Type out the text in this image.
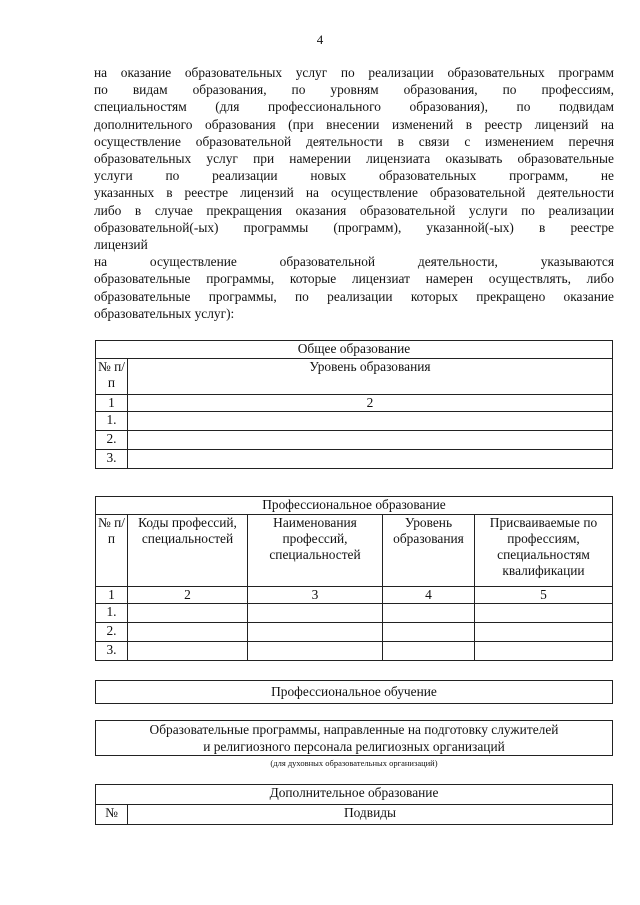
4

на оказание образовательных услуг по реализации образовательных программ

по видам образования, по уровням образования, по профессиям,

специальностям (для профессионального образования), по подвидам

дополнительного образования (при внесении изменений в реестр лицензий на

осуществление образовательной деятельности в связи с изменением перечня

образовательных услуг при намерении лицензиата оказывать образовательные

услуги по реализации новых образовательных программ, не

указанных в реестре лицензий на осуществление образовательной деятельности

либо в случае прекращения оказания образовательной услуги по реализации

образовательной(-ых) программы (программ), указанной(-ых) в реестре

лицензий

на осуществление образовательной деятельности, указываются

образовательные программы, которые лицензиат намерен осуществлять, либо

образовательные программы, по реализации которых прекращено оказание

образовательных услуг):

Общее образование	
№ п/п	Уровень образования
1	2
1.	
2.	
3.	
Профессиональное образование				
№ п/п	Коды профессий, специальностей	Наименования профессий, специальностей	Уровень образования	Присваиваемые по профессиям, специальностям квалификации
1	2	3	4	5
1.				
2.				
3.				
Профессиональное обучение
Образовательные программы, направленные на подготовку служителей
и религиозного персонала религиозных организаций
(для духовных образовательных организаций)
Дополнительное образование
№	Подвиды
